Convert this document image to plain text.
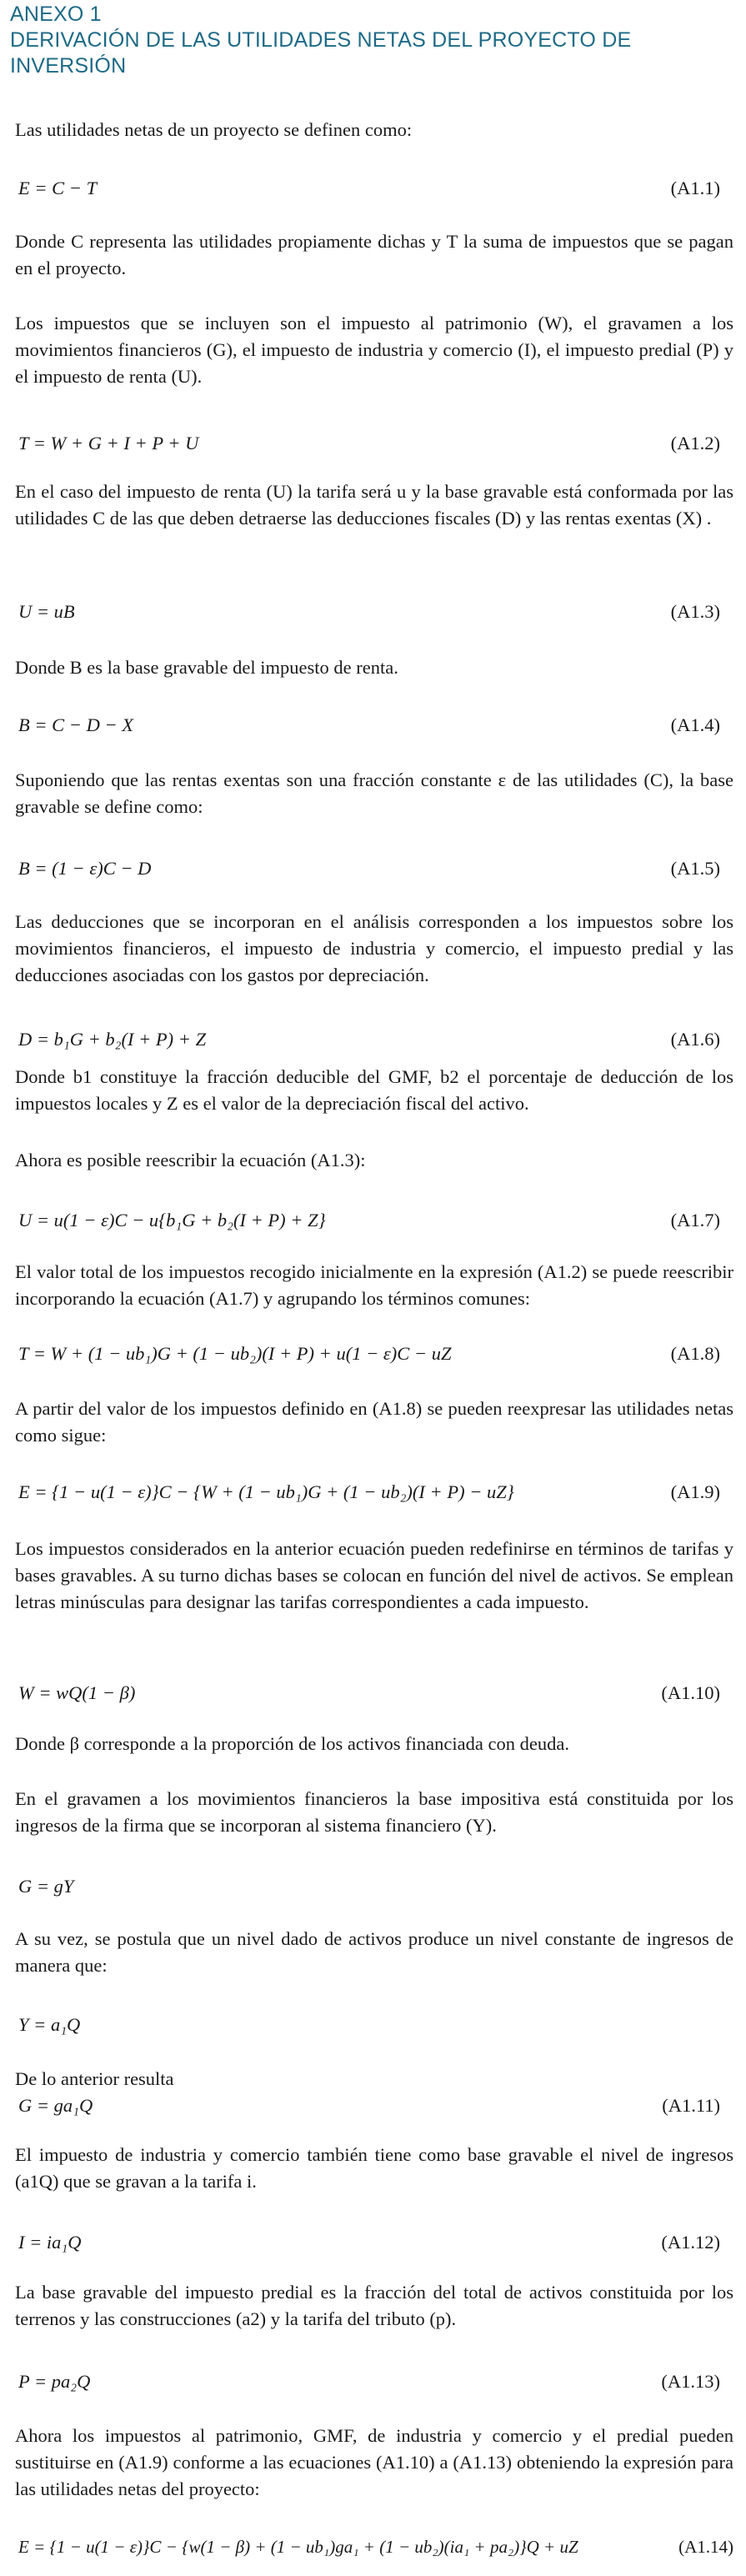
ANEXO 1
DERIVACIÓN DE LAS UTILIDADES NETAS DEL PROYECTO DE
INVERSIÓN
Las utilidades netas de un proyecto se definen como:
E = C − T	(A1.1)
Donde C representa las utilidades propiamente dichas y T la suma de impuestos que se pagan en el proyecto.
Los impuestos que se incluyen son el impuesto al patrimonio (W), el gravamen a los movimientos financieros (G), el impuesto de industria y comercio (I), el impuesto predial (P) y el impuesto de renta (U).
T = W + G + I + P + U	(A1.2)
En el caso del impuesto de renta (U) la tarifa será u y la base gravable está conformada por las utilidades C de las que deben detraerse las deducciones fiscales (D) y las rentas exentas (X) .
U = uB	(A1.3)
Donde B es la base gravable del impuesto de renta.
B = C − D − X	(A1.4)
Suponiendo que las rentas exentas son una fracción constante ε de las utilidades (C), la base gravable se define como:
B = (1 − ε)C − D	(A1.5)
Las deducciones que se incorporan en el análisis corresponden a los impuestos sobre los movimientos financieros, el impuesto de industria y comercio, el impuesto predial y las deducciones asociadas con los gastos por depreciación.
D = b₁G + b₂(I + P) + Z	(A1.6)
Donde b1 constituye la fracción deducible del GMF, b2 el porcentaje de deducción de los impuestos locales y Z es el valor de la depreciación fiscal del activo.
Ahora es posible reescribir la ecuación (A1.3):
U = u(1 − ε)C − u{b₁G + b₂(I + P) + Z}	(A1.7)
El valor total de los impuestos recogido inicialmente en la expresión (A1.2) se puede reescribir incorporando la ecuación (A1.7) y agrupando los términos comunes:
T = W + (1 − ub₁)G + (1 − ub₂)(I + P) + u(1 − ε)C − uZ	(A1.8)
A partir del valor de los impuestos definido en (A1.8) se pueden reexpresar las utilidades netas como sigue:
E = {1 − u(1 − ε)}C − {W + (1 − ub₁)G + (1 − ub₂)(I + P) − uZ}	(A1.9)
Los impuestos considerados en la anterior ecuación pueden redefinirse en términos de tarifas y bases gravables. A su turno dichas bases se colocan en función del nivel de activos. Se emplean letras minúsculas para designar las tarifas correspondientes a cada impuesto.
W = wQ(1 − β)	(A1.10)
Donde β corresponde a la proporción de los activos financiada con deuda.
En el gravamen a los movimientos financieros la base impositiva está constituida por los ingresos de la firma que se incorporan al sistema financiero (Y).
G = gY
A su vez, se postula que un nivel dado de activos produce un nivel constante de ingresos de manera que:
Y = a₁Q
De lo anterior resulta
G = ga₁Q	(A1.11)
El impuesto de industria y comercio también tiene como base gravable el nivel de ingresos (a1Q) que se gravan a la tarifa i.
I = ia₁Q	(A1.12)
La base gravable del impuesto predial es la fracción del total de activos constituida por los terrenos y las construcciones (a2) y la tarifa del tributo (p).
P = pa₂Q	(A1.13)
Ahora los impuestos al patrimonio, GMF, de industria y comercio y el predial pueden sustituirse en (A1.9) conforme a las ecuaciones (A1.10) a (A1.13) obteniendo la expresión para las utilidades netas del proyecto:
E = {1 − u(1 − ε)}C − {w(1 − β) + (1 − ub₁)ga₁ + (1 − ub₂)(ia₁ + pa₂)}Q + uZ	(A1.14)
